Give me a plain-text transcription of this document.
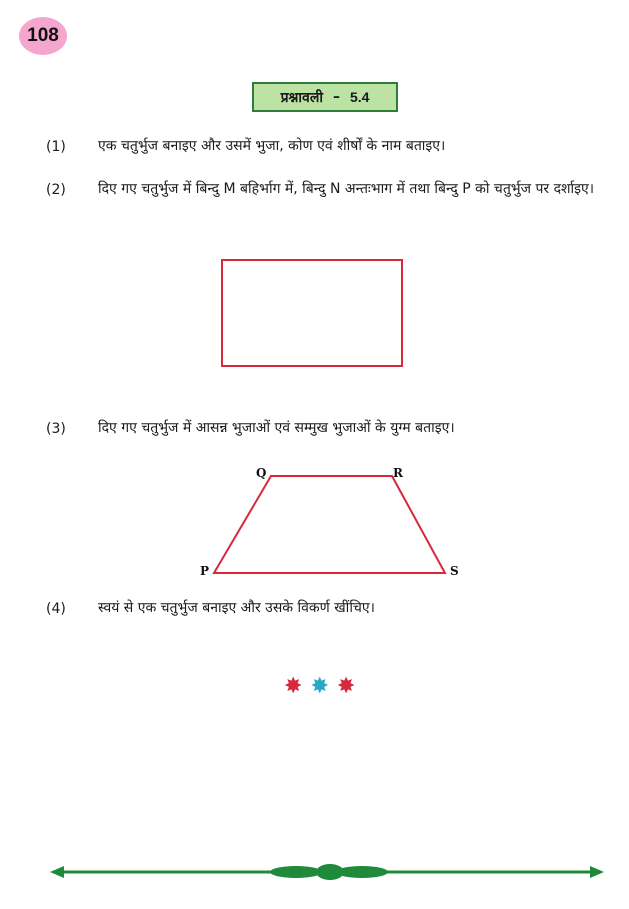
108
प्रश्नावली – 5.4
(1) एक चतुर्भुज बनाइए और उसमें भुजा, कोण एवं शीर्षों के नाम बताइए।
(2) दिए गए चतुर्भुज में बिन्दु M बहिर्भाग में, बिन्दु N अन्तःभाग में तथा बिन्दु P को चतुर्भुज पर दर्शाइए।
(3) दिए गए चतुर्भुज में आसन्न भुजाओं एवं सम्मुख भुजाओं के युग्म बताइए।
(4) स्वयं से एक चतुर्भुज बनाइए और उसके विकर्ण खींचिए।
Q	R
P	S
✸ ✸ ✸
